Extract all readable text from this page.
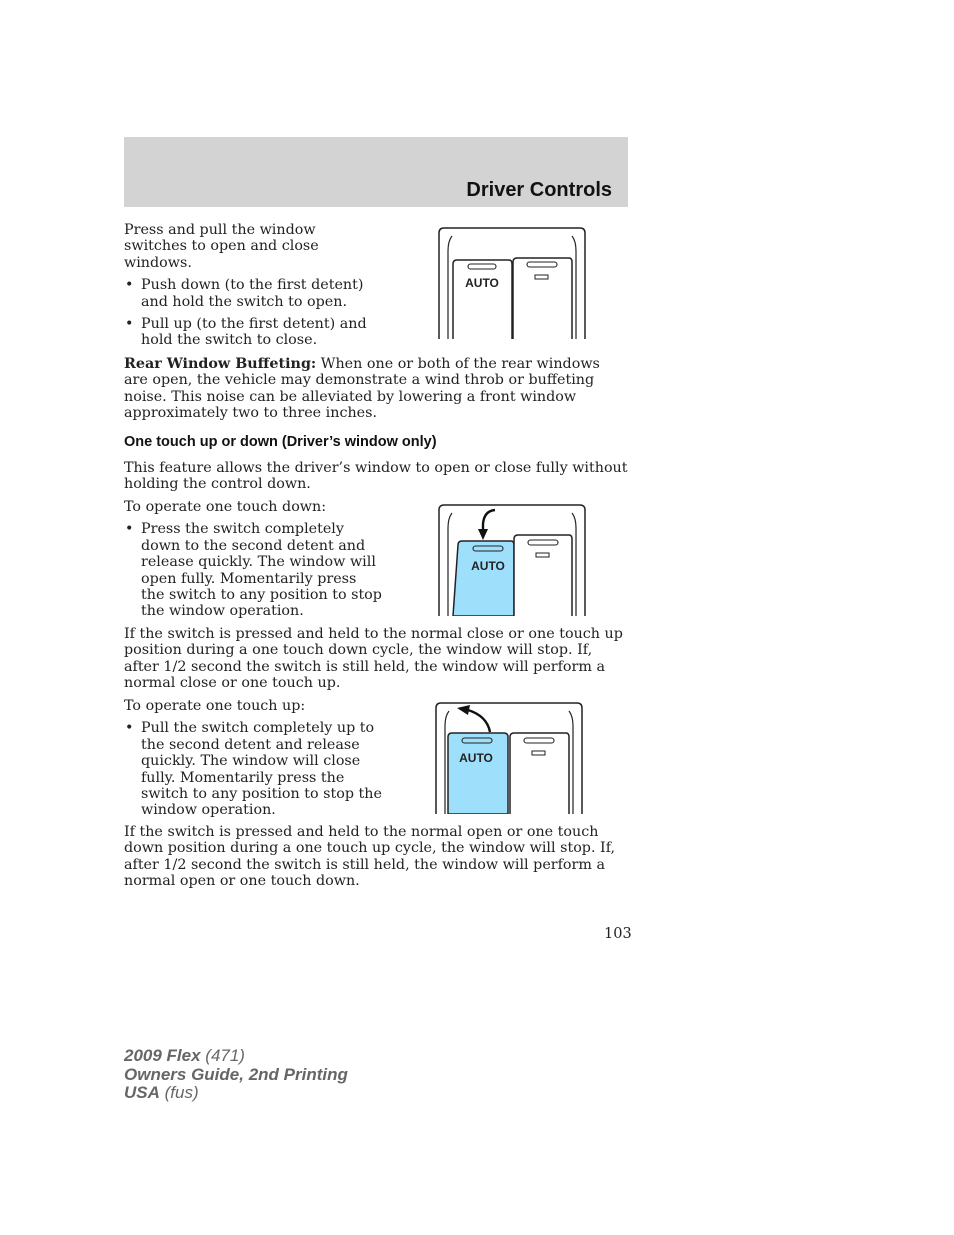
Driver Controls

Press and pull the window switches to open and close windows.

• Push down (to the first detent) and hold the switch to open.
• Pull up (to the first detent) and hold the switch to close.
AUTO

Rear Window Buffeting: When one or both of the rear windows are open, the vehicle may demonstrate a wind throb or buffeting noise. This noise can be alleviated by lowering a front window approximately two to three inches.

One touch up or down (Driver’s window only)

This feature allows the driver’s window to open or close fully without holding the control down.

To operate one touch down:

• Press the switch completely down to the second detent and release quickly. The window will open fully. Momentarily press the switch to any position to stop the window operation.

If the switch is pressed and held to the normal close or one touch up position during a one touch down cycle, the window will stop. If, after 1/2 second the switch is still held, the window will perform a normal close or one touch up.

AUTO

To operate one touch up:

• Pull the switch completely up to the second detent and release quickly. The window will close fully. Momentarily press the switch to any position to stop the window operation.

If the switch is pressed and held to the normal open or one touch down position during a one touch up cycle, the window will stop. If, after 1/2 second the switch is still held, the window will perform a normal open or one touch down.

AUTO
103
2009 Flex (471)
Owners Guide, 2nd Printing
USA (fus)
